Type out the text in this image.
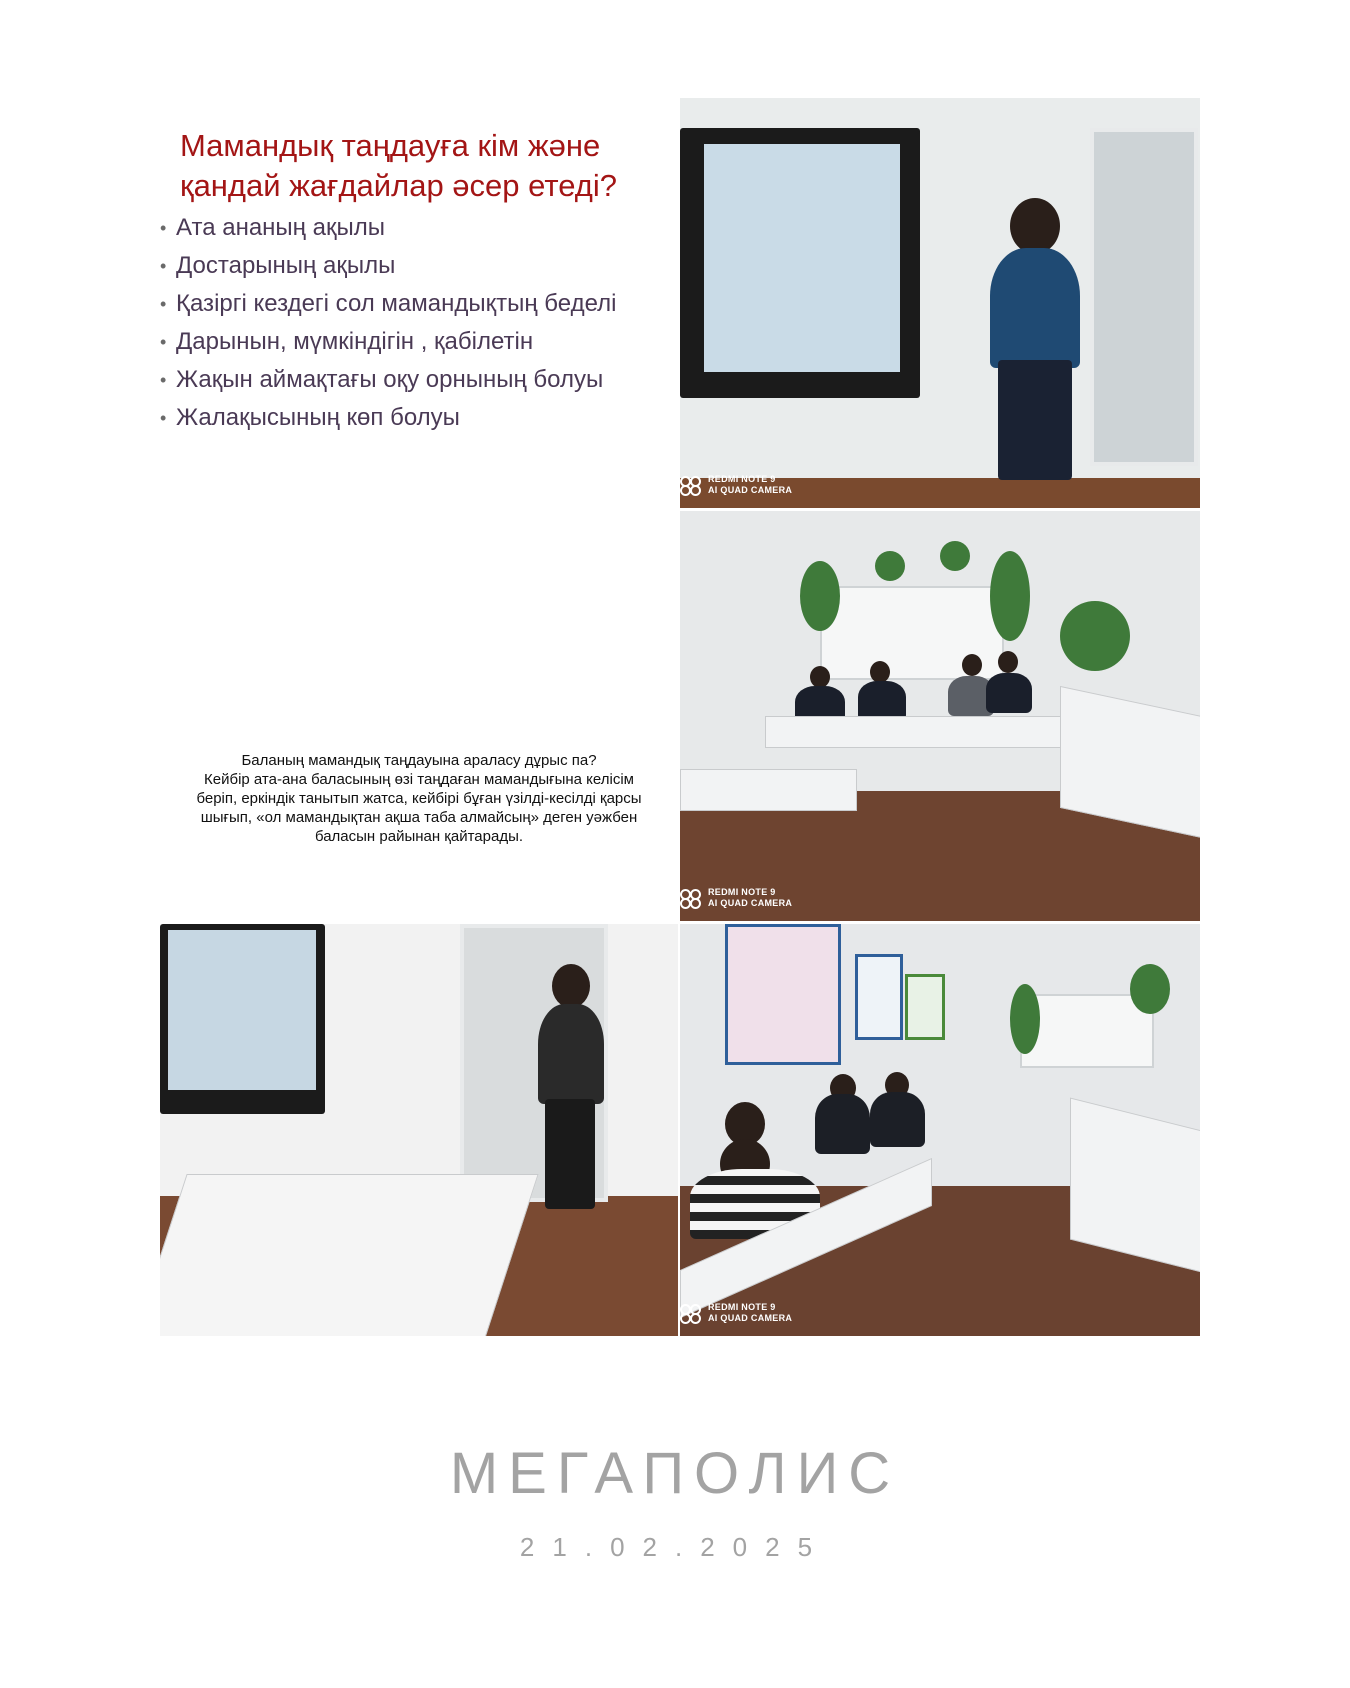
Мамандық таңдауға кім және қандай жағдайлар әсер етеді?
• Ата ананың ақылы
• Достарының ақылы
• Қазіргі кездегі сол мамандықтың беделі
• Дарынын, мүмкіндігін , қабілетін
• Жақын аймақтағы оқу орнының болуы
• Жалақысының көп болуы
REDMI NOTE 9
AI QUAD CAMERA

Баланың мамандық таңдауына араласу дұрыс па?
Кейбір ата-ана баласының өзі таңдаған мамандығына келісім
беріп, еркіндік танытып жатса, кейбірі бұған үзілді-кесілді қарсы
шығып, «ол мамандықтан ақша таба алмайсың» деген уәжбен
баласын райынан қайтарады.

REDMI NOTE 9
AI QUAD CAMERA
REDMI NOTE 9
AI QUAD CAMERA
МЕГАПОЛИС
21.02.2025
